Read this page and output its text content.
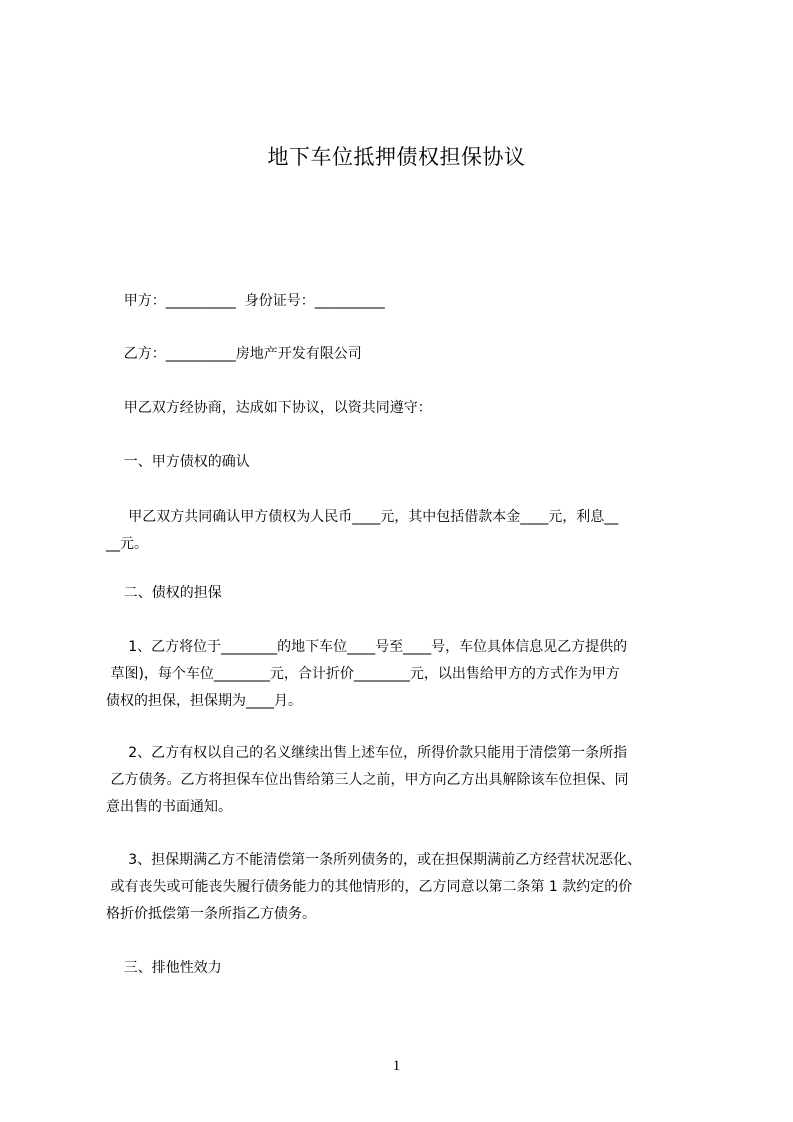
地下车位抵押债权担保协议
甲方：__________  身份证号：__________
乙方：__________房地产开发有限公司
甲乙双方经协商，达成如下协议，以资共同遵守：
一、甲方债权的确认
甲乙双方共同确认甲方债权为人民币____元，其中包括借款本金____元，利息__
__元。
二、债权的担保
1、乙方将位于________的地下车位____号至____号，车位具体信息见乙方提供的
草图)，每个车位________元，合计折价________元，以出售给甲方的方式作为甲方
债权的担保，担保期为____月。
2、乙方有权以自己的名义继续出售上述车位，所得价款只能用于清偿第一条所指
乙方债务。乙方将担保车位出售给第三人之前，甲方向乙方出具解除该车位担保、同
意出售的书面通知。
3、担保期满乙方不能清偿第一条所列债务的，或在担保期满前乙方经营状况恶化、
或有丧失或可能丧失履行债务能力的其他情形的，乙方同意以第二条第 1 款约定的价
格折价抵偿第一条所指乙方债务。
三、排他性效力
1
